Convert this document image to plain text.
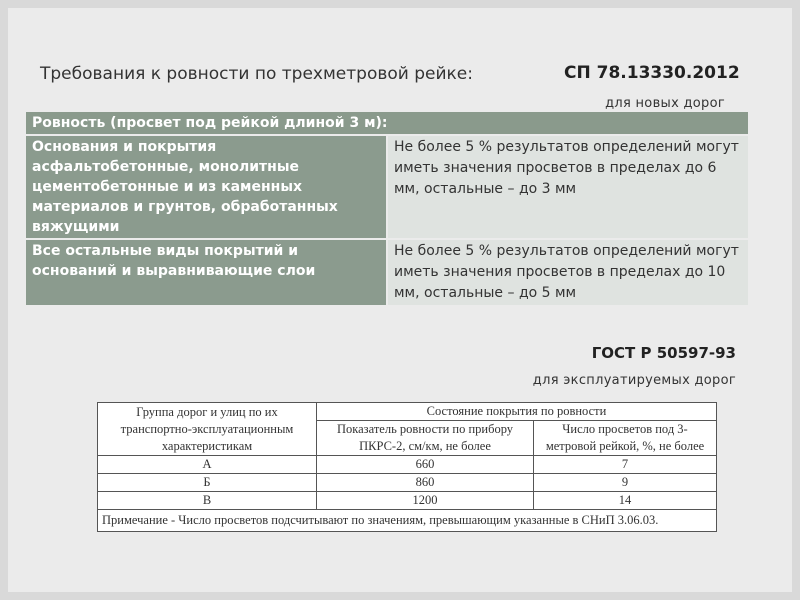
Требования к ровности по трехметровой рейке:	СП 78.13330.2012
для новых дорог
Ровность (просвет под рейкой длиной 3 м):	
Основания и покрытия асфальтобетонные, монолитные цементобетонные и из каменных материалов и грунтов, обработанных вяжущими	Не более 5 % результатов определений могут иметь значения просветов в пределах до 6 мм, остальные – до 3 мм
Все остальные виды покрытий и оснований и выравнивающие слои	Не более 5 % результатов определений могут иметь значения просветов в пределах до 10 мм, остальные – до 5 мм
ГОСТ Р 50597-93
для эксплуатируемых дорог
Группа дорог и улиц по их транспортно-эксплуатационным характеристикам	Состояние покрытия по ровности	
	Показатель ровности по прибору ПКРС-2, см/км, не более	Число просветов под 3-метровой рейкой, %, не более
А	660	7
Б	860	9
В	1200	14
Примечание - Число просветов подсчитывают по значениям, превышающим указанные в СНиП 3.06.03.		
